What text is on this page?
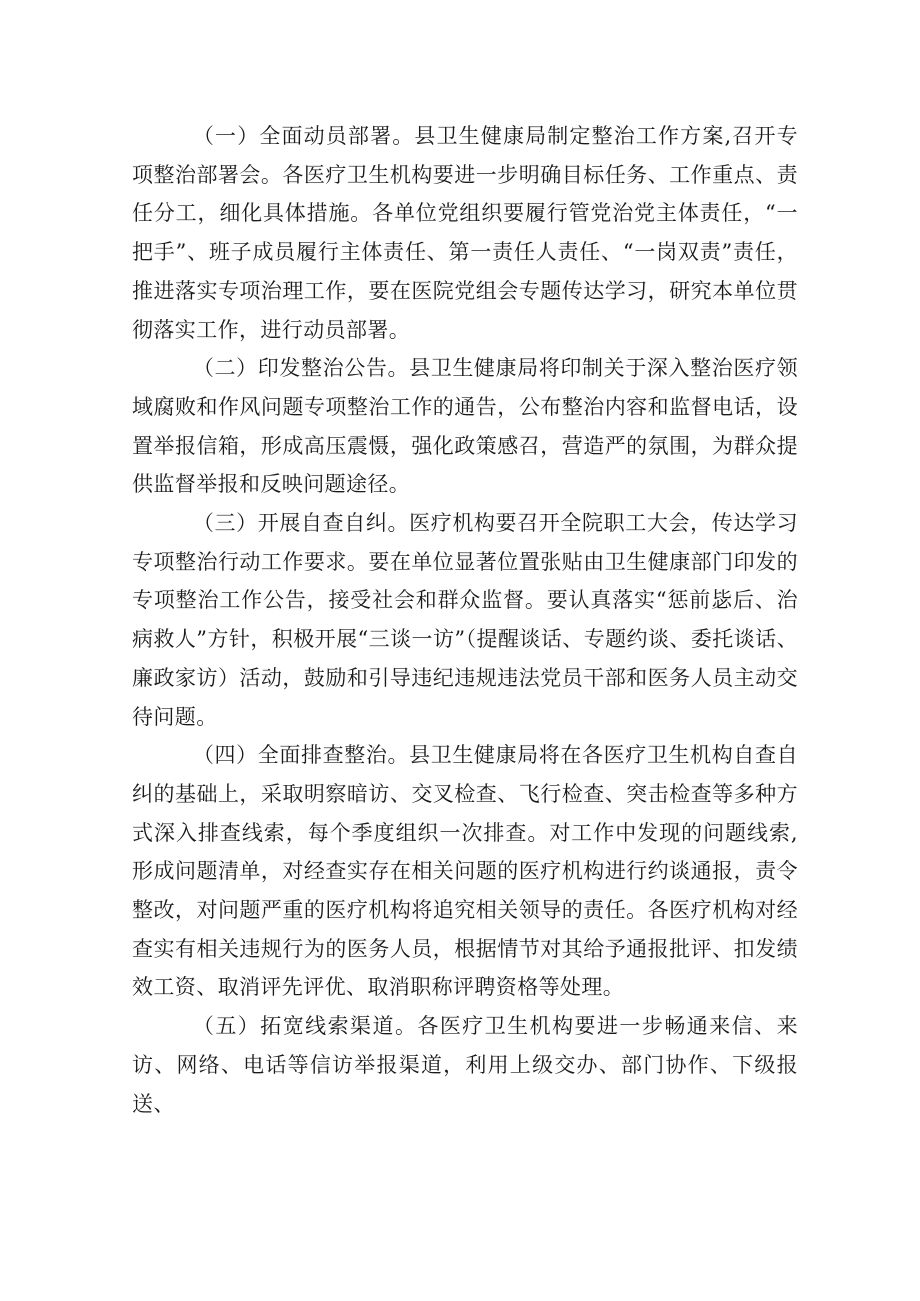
（一）全面动员部署。县卫生健康局制定整治工作方案,召开专项整治部署会。各医疗卫生机构要进一步明确目标任务、工作重点、责任分工，细化具体措施。各单位党组织要履行管党治党主体责任，“一把手”、班子成员履行主体责任、第一责任人责任、“一岗双责”责任，推进落实专项治理工作，要在医院党组会专题传达学习，研究本单位贯彻落实工作，进行动员部署。

（二）印发整治公告。县卫生健康局将印制关于深入整治医疗领域腐败和作风问题专项整治工作的通告，公布整治内容和监督电话，设置举报信箱，形成高压震慑，强化政策感召，营造严的氛围，为群众提供监督举报和反映问题途径。

（三）开展自查自纠。医疗机构要召开全院职工大会，传达学习专项整治行动工作要求。要在单位显著位置张贴由卫生健康部门印发的专项整治工作公告，接受社会和群众监督。要认真落实“惩前毖后、治病救人”方针，积极开展“三谈一访”（提醒谈话、专题约谈、委托谈话、廉政家访）活动，鼓励和引导违纪违规违法党员干部和医务人员主动交待问题。

（四）全面排查整治。县卫生健康局将在各医疗卫生机构自查自纠的基础上，采取明察暗访、交叉检查、飞行检查、突击检查等多种方式深入排查线索，每个季度组织一次排查。对工作中发现的问题线索,形成问题清单，对经查实存在相关问题的医疗机构进行约谈通报，责令整改，对问题严重的医疗机构将追究相关领导的责任。各医疗机构对经查实有相关违规行为的医务人员，根据情节对其给予通报批评、扣发绩效工资、取消评先评优、取消职称评聘资格等处理。

（五）拓宽线索渠道。各医疗卫生机构要进一步畅通来信、来访、网络、电话等信访举报渠道，利用上级交办、部门协作、下级报送、
